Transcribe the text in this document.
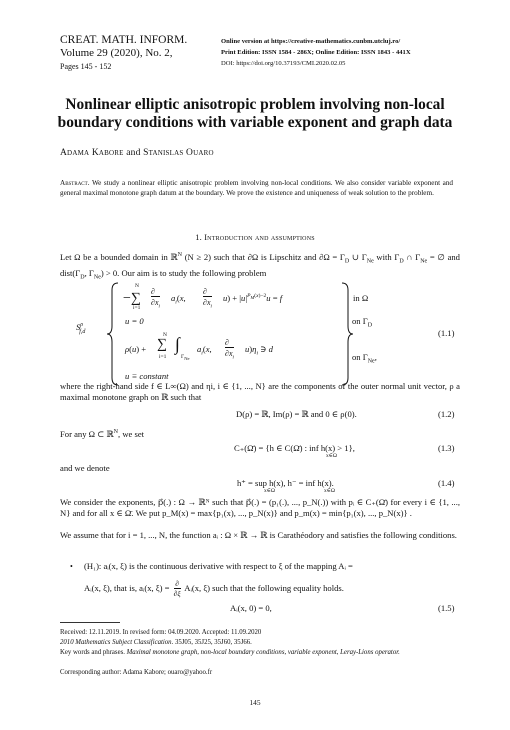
CREAT. MATH. INFORM.
Volume 29 (2020), No. 2,
Pages 145 - 152
Online version at https://creative-mathematics.cunbm.utcluj.ro/
Print Edition: ISSN 1584 - 286X; Online Edition: ISSN 1843 - 441X
DOI: https://doi.org/10.37193/CMI.2020.02.05
Nonlinear elliptic anisotropic problem involving non-local
boundary conditions with variable exponent and graph data
Adama Kabore and Stanislas Ouaro
Abstract. We study a nonlinear elliptic anisotropic problem involving non-local conditions. We also consider variable exponent and general maximal monotone graph datum at the boundary. We prove the existence and uniqueness of weak solution to the problem.
1. Introduction and assumptions
Let Ω be a bounded domain in ℝ$^N$ (N ≥ 2) such that ∂Ω is Lipschitz and $\partial\Omega = \Gamma_D$ ∪ $\Gamma_{Ne}$ with $\Gamma_D$ ∩ $\Gamma_{Ne}$ = ∅ and $dist(\Gamma_D$, $\Gamma_{Ne}) > 0$. Our aim is to study the following problem
$S^\rho_{f,d}$
N
−∑
i=1
∂
$\partial x_i$
$a_i(x$,
∂
$\partial x_i$
$u) + |u|^{P_M(x)-2}u = f$	in Ω
u = 0	on $\Gamma_D$
ρ(u) +
N
∑
i=1
∫
$\Gamma_{Ne}$
$a_i(x$,
∂
$\partial x_i$
$u)\eta_i$ ∋ d
on $\Gamma_{Ne}$,
u ≡ constant
(1.1)
where the right-hand side f ∈ L∞(Ω) and ηi, i ∈ {1, ..., N} are the components of the outer normal unit vector, ρ a maximal monotone graph on ℝ such that
D(ρ) = ℝ, Im(ρ) = ℝ and 0 ∈ ρ(0).	(1.2)
For any Ω ⊂ ℝ$^N$, we set
C₊(Ω̄) = {h ∈ C(Ω̄) : inf h(x) > 1},
x∈Ω
(1.3)
and we denote
h⁺ = sup h(x), h⁻ = inf h(x).
x∈Ω	x∈Ω
(1.4)
We consider the exponents, p⃗(.) : Ω → ℝᴺ such that p⃗(.) = (p₁(.), ..., p_N(.)) with pᵢ ∈ C₊(Ω̄) for every i ∈ {1, ..., N} and for all x ∈ Ω̄. We put p_M(x) = max{p₁(x), ..., p_N(x)} and p_m(x) = min{p₁(x), ..., p_N(x)} .
We assume that for i = 1, ..., N, the function aᵢ : Ω × ℝ → ℝ is Carathéodory and satisfies the following conditions.
• (H₁): aᵢ(x, ξ) is the continuous derivative with respect to ξ of the mapping Aᵢ =
Aᵢ(x, ξ), that is, aᵢ(x, ξ) = ∂
∂ξ Aᵢ(x, ξ) such that the following equality holds.
Aᵢ(x, 0) = 0,	(1.5)
Received: 12.11.2019. In revised form: 04.09.2020. Accepted: 11.09.2020
2010 Mathematics Subject Classification. 35J05, 35J25, 35J60, 35J66.
Key words and phrases. Maximal monotone graph, non-local boundary conditions, variable exponent, Leray-Lions operator.
Corresponding author: Adama Kabore; ouaro@yahoo.fr
145
